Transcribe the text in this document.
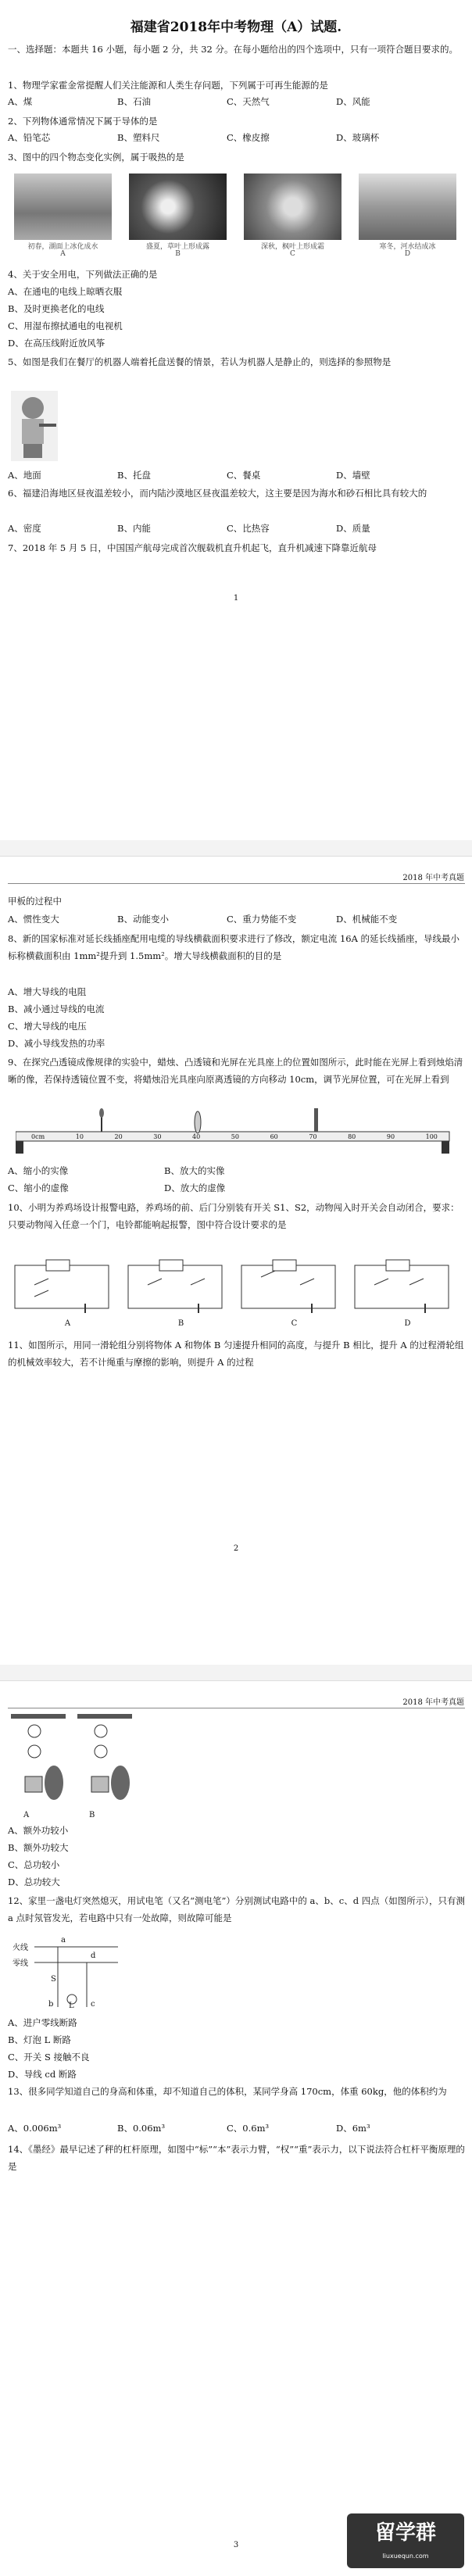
福建省2018年中考物理（A）试题.
一、选择题：本题共 16 小题，每小题 2 分，共 32 分。在每小题给出的四个选项中，只有一项符合题目要求的。
1、物理学家霍金常提醒人们关注能源和人类生存问题，下列属于可再生能源的是
A、煤	B、石油	C、天然气	D、风能
2、下列物体通常情况下属于导体的是
A、铅笔芯	B、塑料尺	C、橡皮擦	D、玻璃杯
3、图中的四个物态变化实例，属于吸热的是
初春，湖面上冰化成水	盛夏，草叶上形成露	深秋，枫叶上形成霜	寒冬，河水结成冰
A	B	C	D
4、关于安全用电，下列做法正确的是
A、在通电的电线上晾晒衣服
B、及时更换老化的电线
C、用湿布擦拭通电的电视机
D、在高压线附近放风筝
5、如图是我们在餐厅的机器人端着托盘送餐的情景，若认为机器人是静止的，则选择的参照物是
A、地面	B、托盘	C、餐桌	D、墙壁
6、福建沿海地区昼夜温差较小，而内陆沙漠地区昼夜温差较大，这主要是因为海水和砂石相比具有较大的
A、密度	B、内能	C、比热容	D、质量
7、2018 年 5 月 5 日，中国国产航母完成首次舰载机直升机起飞，直升机减速下降靠近航母
1
2018 年中考真题
甲板的过程中
A、惯性变大	B、动能变小	C、重力势能不变	D、机械能不变
8、新的国家标准对延长线插座配用电缆的导线横截面积要求进行了修改，额定电流 16A 的延长线插座，导线最小标称横截面积由 1mm²提升到 1.5mm²。增大导线横截面积的目的是
A、增大导线的电阻
B、减小通过导线的电流
C、增大导线的电压
D、减小导线发热的功率
9、在探究凸透镜成像规律的实验中，蜡烛、凸透镜和光屏在光具座上的位置如图所示，此时能在光屏上看到烛焰清晰的像，若保持透镜位置不变，将蜡烛沿光具座向原离透镜的方向移动 10cm，调节光屏位置，可在光屏上看到
0cm	10	20	30	40	50	60	70	80	90	100
A、缩小的实像	B、放大的实像
C、缩小的虚像	D、放大的虚像
10、小明为养鸡场设计报警电路，养鸡场的前、后门分别装有开关 S1、S2，动物闯入时开关会自动闭合，要求：只要动物闯入任意一个门，电铃都能响起报警，图中符合设计要求的是
A	B	C	D
11、如图所示，用同一滑轮组分别将物体 A 和物体 B 匀速提升相同的高度，与提升 B 相比，提升 A 的过程滑轮组的机械效率较大，若不计绳重与摩擦的影响，则提升 A 的过程
2
2018 年中考真题
A	B
A、额外功较小
B、额外功较大
C、总功较小
D、总功较大
12、家里一盏电灯突然熄灭，用试电笔（又名“测电笔”）分别测试电路中的 a、b、c、d 四点（如图所示），只有测 a 点时氖管发光，若电路中只有一处故障，则故障可能是
火线
零线
a
S
b L c
d
A、进户零线断路
B、灯泡 L 断路
C、开关 S 接触不良
D、导线 cd 断路
13、很多同学知道自己的身高和体重，却不知道自己的体积，某同学身高 170cm，体重 60kg，他的体积约为
A、0.006m³	B、0.06m³	C、0.6m³	D、6m³
14、《墨经》最早记述了秤的杠杆原理，如图中“标”“本”表示力臂，“权”“重”表示力，以下说法符合杠杆平衡原理的是
3
留学群
liuxuequn.com
